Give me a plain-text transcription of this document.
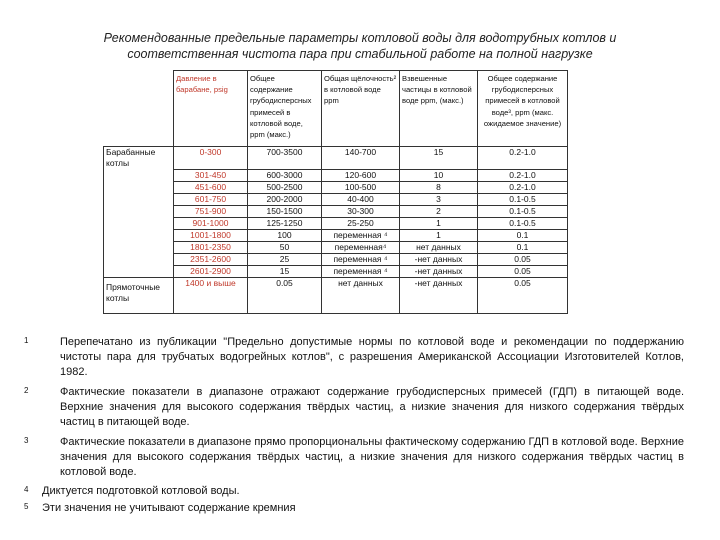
Рекомендованные предельные параметры котловой воды для водотрубных котлов и
соответственная чистота пара при стабильной работе на полной нагрузке
	Давление в барабане, psig	Общее содержание грубодисперсных примесей в котловой воде, ppm (макс.)	Общая щёлочность² в котловой воде ppm	Взвешенные частицы в котловой воде ppm, (макс.)	Общее содержание грубодисперсных примесей в котловой воде³, ppm (макс. ожидаемое значение)
Барабанные котлы	0-300	700-3500	140-700	15	0.2-1.0
	301-450	600-3000	120-600	10	0.2-1.0
	451-600	500-2500	100-500	8	0.2-1.0
	601-750	200-2000	40-400	3	0.1-0.5
	751-900	150-1500	30-300	2	0.1-0.5
	901-1000	125-1250	25-250	1	0.1-0.5
	1001-1800	100	переменная ⁴	1	0.1
	1801-2350	50	переменная⁴	нет данных	0.1
	2351-2600	25	переменная ⁴	-нет данных	0.05
	2601-2900	15	переменная ⁴	-нет данных	0.05
Прямоточные котлы	1400 и выше	0.05	нет данных	-нет данных	0.05
1	Перепечатано из публикации "Предельно допустимые нормы по котловой воде и рекомендации по поддержанию чистоты пара для трубчатых водогрейных котлов", с разрешения Американской Ассоциации Изготовителей Котлов, 1982.
2	Фактические показатели в диапазоне отражают содержание грубодисперсных примесей (ГДП) в питающей воде. Верхние значения для высокого содержания твёрдых частиц, а низкие значения для низкого содержания твёрдых частиц в питающей воде.
3	Фактические показатели в диапазоне прямо пропорциональны фактическому содержанию ГДП в котловой воде. Верхние значения для высокого содержания твёрдых частиц, а низкие значения для низкого содержания твёрдых частиц в котловой воде.
4 Диктуется подготовкой котловой воды.
5 Эти значения не учитывают содержание кремния
